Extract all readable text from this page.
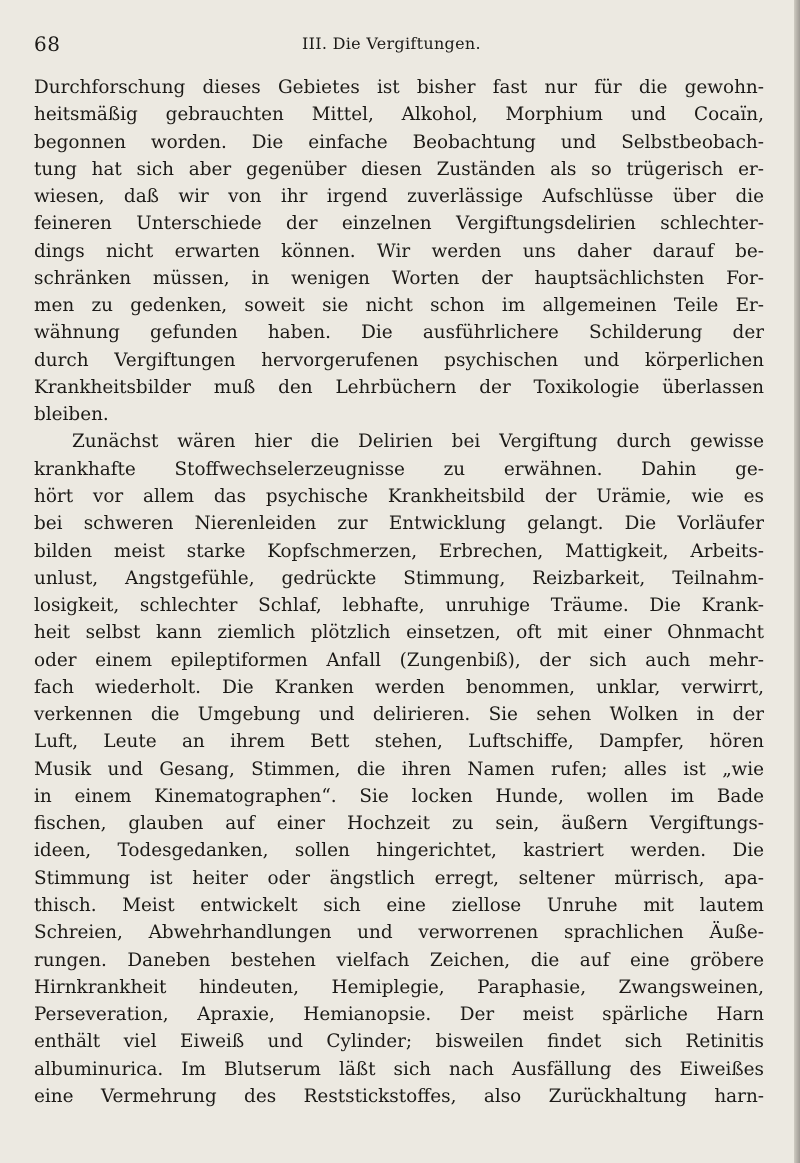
68	III. Die Vergiftungen.
Durchforschung dieses Gebietes ist bisher fast nur für die gewohn-
heitsmäßig gebrauchten Mittel, Alkohol, Morphium und Cocaïn,
begonnen worden. Die einfache Beobachtung und Selbstbeobach-
tung hat sich aber gegenüber diesen Zuständen als so trügerisch er-
wiesen, daß wir von ihr irgend zuverlässige Aufschlüsse über die
feineren Unterschiede der einzelnen Vergiftungsdelirien schlechter-
dings nicht erwarten können. Wir werden uns daher darauf be-
schränken müssen, in wenigen Worten der hauptsächlichsten For-
men zu gedenken, soweit sie nicht schon im allgemeinen Teile Er-
wähnung gefunden haben. Die ausführlichere Schilderung der
durch Vergiftungen hervorgerufenen psychischen und körperlichen
Krankheitsbilder muß den Lehrbüchern der Toxikologie überlassen
bleiben.
Zunächst wären hier die Delirien bei Vergiftung durch gewisse
krankhafte Stoffwechselerzeugnisse zu erwähnen. Dahin ge-
hört vor allem das psychische Krankheitsbild der Urämie, wie es
bei schweren Nierenleiden zur Entwicklung gelangt. Die Vorläufer
bilden meist starke Kopfschmerzen, Erbrechen, Mattigkeit, Arbeits-
unlust, Angstgefühle, gedrückte Stimmung, Reizbarkeit, Teilnahm-
losigkeit, schlechter Schlaf, lebhafte, unruhige Träume. Die Krank-
heit selbst kann ziemlich plötzlich einsetzen, oft mit einer Ohnmacht
oder einem epileptiformen Anfall (Zungenbiß), der sich auch mehr-
fach wiederholt. Die Kranken werden benommen, unklar, verwirrt,
verkennen die Umgebung und delirieren. Sie sehen Wolken in der
Luft, Leute an ihrem Bett stehen, Luftschiffe, Dampfer, hören
Musik und Gesang, Stimmen, die ihren Namen rufen; alles ist „wie
in einem Kinematographen“. Sie locken Hunde, wollen im Bade
fischen, glauben auf einer Hochzeit zu sein, äußern Vergiftungs-
ideen, Todesgedanken, sollen hingerichtet, kastriert werden. Die
Stimmung ist heiter oder ängstlich erregt, seltener mürrisch, apa-
thisch. Meist entwickelt sich eine ziellose Unruhe mit lautem
Schreien, Abwehrhandlungen und verworrenen sprachlichen Äuße-
rungen. Daneben bestehen vielfach Zeichen, die auf eine gröbere
Hirnkrankheit hindeuten, Hemiplegie, Paraphasie, Zwangsweinen,
Perseveration, Apraxie, Hemianopsie. Der meist spärliche Harn
enthält viel Eiweiß und Cylinder; bisweilen findet sich Retinitis
albuminurica. Im Blutserum läßt sich nach Ausfällung des Eiweißes
eine Vermehrung des Reststickstoffes, also Zurückhaltung harn-
